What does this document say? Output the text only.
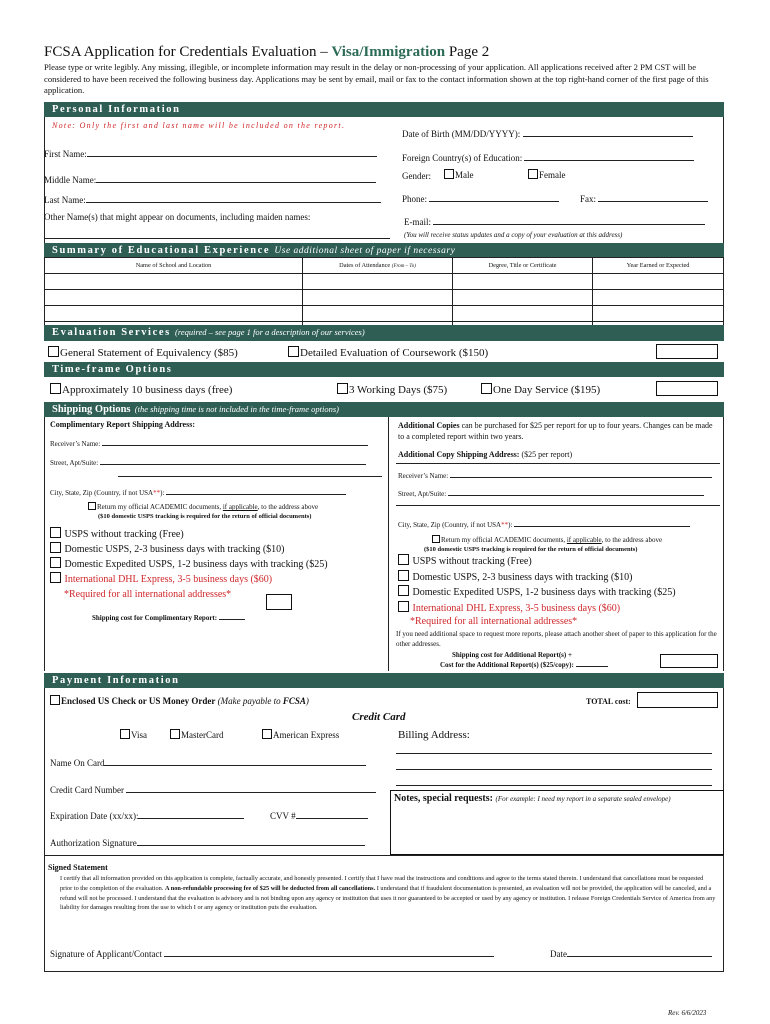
FCSA Application for Credentials Evaluation – Visa/Immigration Page 2
Please type or write legibly. Any missing, illegible, or incomplete information may result in the delay or non-processing of your application. All applications received after 2 PM CST will be considered to have been received the following business day. Applications may be sent by email, mail or fax to the contact information shown at the top right-hand corner of the first page of this application.
Personal Information
Note: Only the first and last name will be included on the report.
First Name:
Middle Name:
Last Name:
Other Name(s) that might appear on documents, including maiden names:
Date of Birth (MM/DD/YYYY):
Foreign Country(s) of Education:
Gender:	Male	Female
Phone:	Fax:
E-mail:
(You will receive status updates and a copy of your evaluation at this address)
Summary of Educational Experience Use additional sheet of paper if necessary
Name of School and Location	Dates of Attendance (From – To)	Degree, Title or Certificate	Year Earned or Expected

Evaluation Services (required – see page 1 for a description of our services)
General Statement of Equivalency ($85)	Detailed Evaluation of Coursework ($150)
Time-frame Options
Approximately 10 business days (free)	3 Working Days ($75)	One Day Service ($195)
Shipping Options (the shipping time is not included in the time-frame options)
Complimentary Report Shipping Address:
Receiver’s Name:
Street, Apt/Suite:
City, State, Zip (Country, if not USA**):
Return my official ACADEMIC documents, if applicable, to the address above
($10 domestic USPS tracking is required for the return of official documents)
USPS without tracking (Free)
Domestic USPS, 2-3 business days with tracking ($10)
Domestic Expedited USPS, 1-2 business days with tracking ($25)
International DHL Express, 3-5 business days ($60)
*Required for all international addresses*
Shipping cost for Complimentary Report:
Additional Copies can be purchased for $25 per report for up to four years. Changes can be made to a completed report within two years.
Additional Copy Shipping Address: ($25 per report)
Receiver’s Name:
Street, Apt/Suite:
City, State, Zip (Country, if not USA**):
Return my official ACADEMIC documents, if applicable, to the address above
($10 domestic USPS tracking is required for the return of official documents)
USPS without tracking (Free)
Domestic USPS, 2-3 business days with tracking ($10)
Domestic Expedited USPS, 1-2 business days with tracking ($25)
International DHL Express, 3-5 business days ($60)
*Required for all international addresses*
If you need additional space to request more reports, please attach another sheet of paper to this application for the other addresses.
Shipping cost for Additional Report(s) +
Cost for the Additional Report(s) ($25/copy):
Payment Information
Enclosed US Check or US Money Order (Make payable to FCSA)	TOTAL cost:
Credit Card
Visa	MasterCard	American Express
Name On Card
Credit Card Number
Expiration Date (xx/xx):	CVV #
Authorization Signature
Billing Address:
Notes, special requests: (For example: I need my report in a separate sealed envelope)
Signed Statement
I certify that all information provided on this application is complete, factually accurate, and honestly presented. I certify that I have read the instructions and conditions and agree to the terms stated therein. I understand that cancellations must be requested prior to the completion of the evaluation. A non-refundable processing fee of $25 will be deducted from all cancellations. I understand that if fraudulent documentation is presented, an evaluation will not be provided, the application will be canceled, and a refund will not be processed. I understand that the evaluation is advisory and is not binding upon any agency or institution that uses it nor guaranteed to be accepted or used by any agency or institution. I release Foreign Credentials Service of America from any liability for damages resulting from the use to which I or any agency or institution puts the evaluation.
Signature of Applicant/Contact	Date
Rev. 6/6/2023
